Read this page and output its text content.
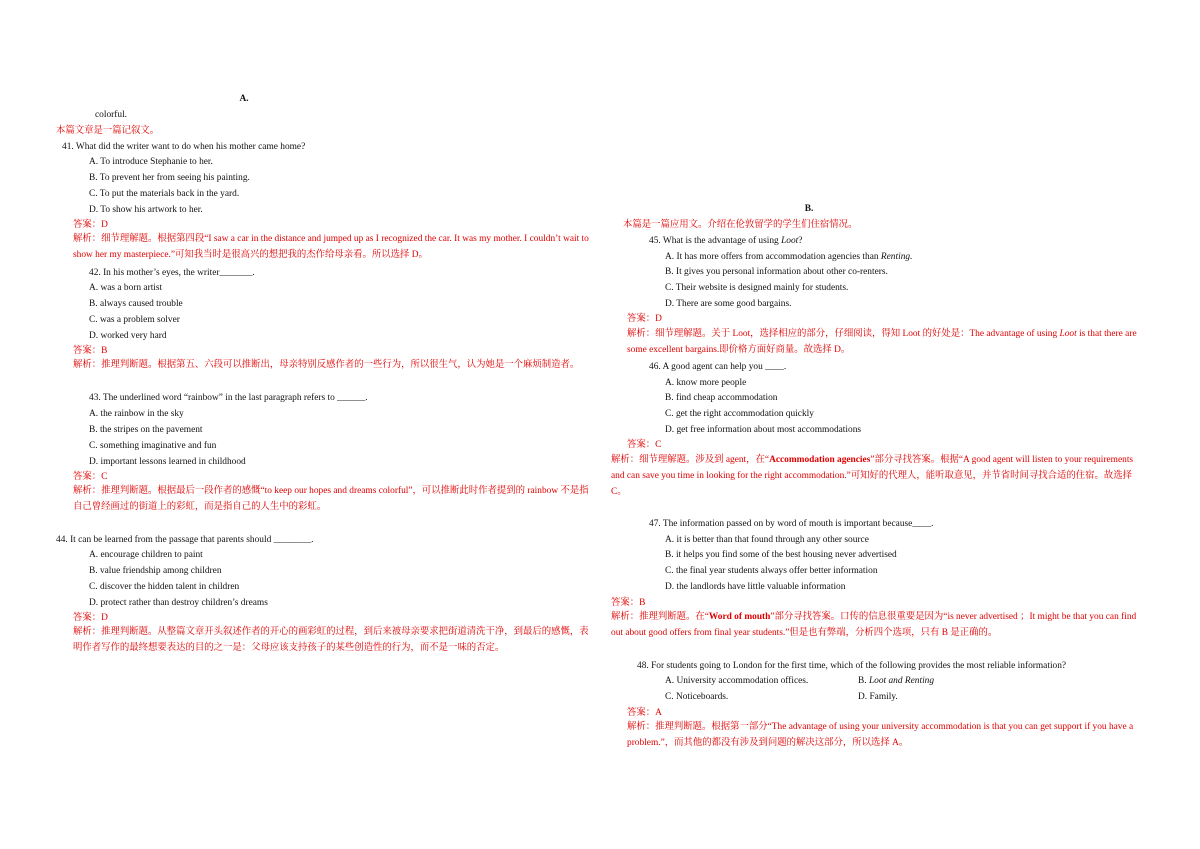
A.
colorful.
本篇文章是一篇记叙文。
41. What did the writer want to do when his mother came home?
A. To introduce Stephanie to her.
B. To prevent her from seeing his painting.
C. To put the materials back in the yard.
D. To show his artwork to her.
答案：D
解析：细节理解题。根据第四段“I saw a car in the distance and jumped up as I recognized the car. It was my mother. I couldn’t wait to show her my masterpiece.”可知我当时是很高兴的想把我的杰作给母亲看。所以选择 D。
42. In his mother’s eyes, the writer_______.
A. was a born artist
B. always caused trouble
C. was a problem solver
D. worked very hard
答案：B
解析：推理判断题。根据第五、六段可以推断出，母亲特别反感作者的一些行为，所以很生气，认为她是一个麻烦制造者。
43. The underlined word “rainbow” in the last paragraph refers to ______.
A. the rainbow in the sky
B. the stripes on the pavement
C. something imaginative and fun
D. important lessons learned in childhood
答案：C
解析：推理判断题。根据最后一段作者的感慨“to keep our hopes and dreams colorful”，可以推断此时作者提到的 rainbow 不是指自己曾经画过的街道上的彩虹，而是指自己的人生中的彩虹。
44. It can be learned from the passage that parents should ________.
A. encourage children to paint
B. value friendship among children
C. discover the hidden talent in children
D. protect rather than destroy children’s dreams
答案：D
解析：推理判断题。从整篇文章开头叙述作者的开心的画彩虹的过程，到后来被母亲要求把街道清洗干净，到最后的感慨，表明作者写作的最终想要表达的目的之一是：父母应该支持孩子的某些创造性的行为，而不是一味的否定。
B.
本篇是一篇应用文。介绍在伦敦留学的学生们住宿情况。
45. What is the advantage of using Loot?
A. It has more offers from accommodation agencies than Renting.
B. It gives you personal information about other co-renters.
C. Their website is designed mainly for students.
D. There are some good bargains.
答案：D
解析：细节理解题。关于 Loot，选择相应的部分，仔细阅读，得知 Loot 的好处是：The advantage of using Loot is that there are some excellent bargains.即价格方面好商量。故选择 D。
46. A good agent can help you ____.
A. know more people
B. find cheap accommodation
C. get the right accommodation quickly
D. get free information about most accommodations
答案：C
解析：细节理解题。涉及到 agent，在“Accommodation agencies”部分寻找答案。根据“A good agent will listen to your requirements and can save you time in looking for the right accommodation.”可知好的代理人，能听取意见，并节省时间寻找合适的住宿。故选择 C。
47. The information passed on by word of mouth is important because____.
A. it is better than that found through any other source
B. it helps you find some of the best housing never advertised
C. the final year students always offer better information
D. the landlords have little valuable information
答案：B
解析：推理判断题。在“Word of mouth”部分寻找答案。口传的信息很重要是因为“is never advertised ；It might be that you can find out about good offers from final year students.”但是也有弊端，分析四个选项，只有 B 是正确的。
48. For students going to London for the first time, which of the following provides the most reliable information?
A. University accommodation offices.	B. Loot and Renting
C. Noticeboards.	D. Family.
答案：A
解析：推理判断题。根据第一部分“The advantage of using your university accommodation is that you can get support if you have a problem.”，而其他的都没有涉及到问题的解决这部分，所以选择 A。
